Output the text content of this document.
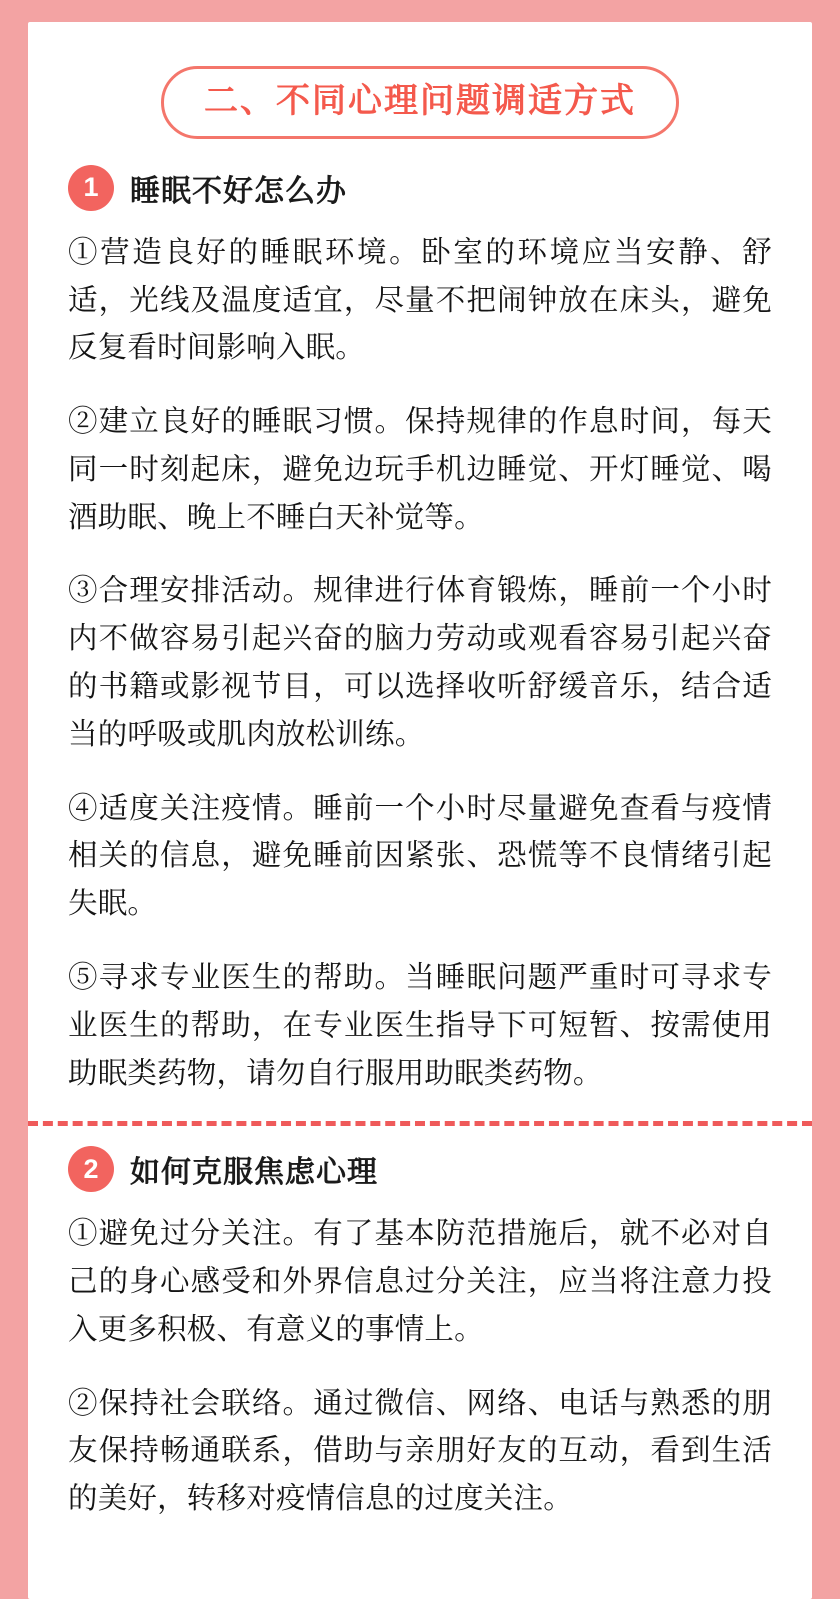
二、不同心理问题调适方式
1	睡眠不好怎么办

①营造良好的睡眠环境。卧室的环境应当安静、舒适，光线及温度适宜，尽量不把闹钟放在床头，避免反复看时间影响入眠。

②建立良好的睡眠习惯。保持规律的作息时间，每天同一时刻起床，避免边玩手机边睡觉、开灯睡觉、喝酒助眠、晚上不睡白天补觉等。

③合理安排活动。规律进行体育锻炼，睡前一个小时内不做容易引起兴奋的脑力劳动或观看容易引起兴奋的书籍或影视节目，可以选择收听舒缓音乐，结合适当的呼吸或肌肉放松训练。

④适度关注疫情。睡前一个小时尽量避免查看与疫情相关的信息，避免睡前因紧张、恐慌等不良情绪引起失眠。

⑤寻求专业医生的帮助。当睡眠问题严重时可寻求专业医生的帮助，在专业医生指导下可短暂、按需使用助眠类药物，请勿自行服用助眠类药物。

2	如何克服焦虑心理

①避免过分关注。有了基本防范措施后，就不必对自己的身心感受和外界信息过分关注，应当将注意力投入更多积极、有意义的事情上。

②保持社会联络。通过微信、网络、电话与熟悉的朋友保持畅通联系，借助与亲朋好友的互动，看到生活的美好，转移对疫情信息的过度关注。
